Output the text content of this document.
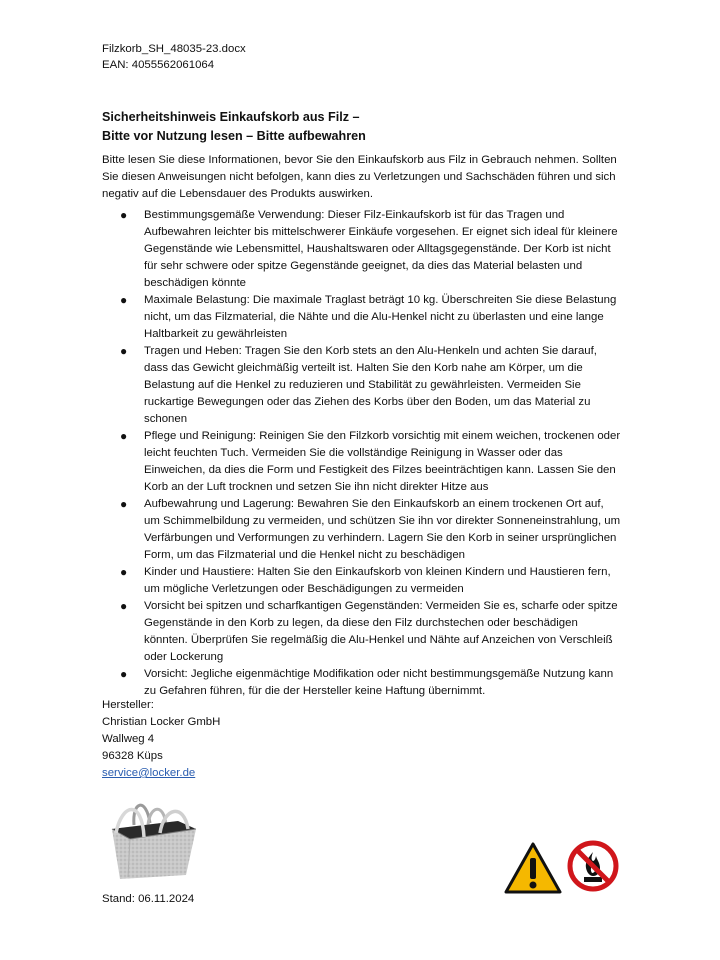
Filzkorb_SH_48035-23.docx
EAN: 4055562061064
Sicherheitshinweis Einkaufskorb aus Filz –
Bitte vor Nutzung lesen – Bitte aufbewahren
Bitte lesen Sie diese Informationen, bevor Sie den Einkaufskorb aus Filz in Gebrauch nehmen. Sollten Sie diesen Anweisungen nicht befolgen, kann dies zu Verletzungen und Sachschäden führen und sich negativ auf die Lebensdauer des Produkts auswirken.
● Bestimmungsgemäße Verwendung: Dieser Filz-Einkaufskorb ist für das Tragen und Aufbewahren leichter bis mittelschwerer Einkäufe vorgesehen. Er eignet sich ideal für kleinere Gegenstände wie Lebensmittel, Haushaltswaren oder Alltagsgegenstände. Der Korb ist nicht für sehr schwere oder spitze Gegenstände geeignet, da dies das Material belasten und beschädigen könnte
● Maximale Belastung: Die maximale Traglast beträgt 10 kg. Überschreiten Sie diese Belastung nicht, um das Filzmaterial, die Nähte und die Alu-Henkel nicht zu überlasten und eine lange Haltbarkeit zu gewährleisten
● Tragen und Heben: Tragen Sie den Korb stets an den Alu-Henkeln und achten Sie darauf, dass das Gewicht gleichmäßig verteilt ist. Halten Sie den Korb nahe am Körper, um die Belastung auf die Henkel zu reduzieren und Stabilität zu gewährleisten. Vermeiden Sie ruckartige Bewegungen oder das Ziehen des Korbs über den Boden, um das Material zu schonen
● Pflege und Reinigung: Reinigen Sie den Filzkorb vorsichtig mit einem weichen, trockenen oder leicht feuchten Tuch. Vermeiden Sie die vollständige Reinigung in Wasser oder das Einweichen, da dies die Form und Festigkeit des Filzes beeinträchtigen kann. Lassen Sie den Korb an der Luft trocknen und setzen Sie ihn nicht direkter Hitze aus
● Aufbewahrung und Lagerung: Bewahren Sie den Einkaufskorb an einem trockenen Ort auf, um Schimmelbildung zu vermeiden, und schützen Sie ihn vor direkter Sonneneinstrahlung, um Verfärbungen und Verformungen zu verhindern. Lagern Sie den Korb in seiner ursprünglichen Form, um das Filzmaterial und die Henkel nicht zu beschädigen
● Kinder und Haustiere: Halten Sie den Einkaufskorb von kleinen Kindern und Haustieren fern, um mögliche Verletzungen oder Beschädigungen zu vermeiden
● Vorsicht bei spitzen und scharfkantigen Gegenständen: Vermeiden Sie es, scharfe oder spitze Gegenstände in den Korb zu legen, da diese den Filz durchstechen oder beschädigen könnten. Überprüfen Sie regelmäßig die Alu-Henkel und Nähte auf Anzeichen von Verschleiß oder Lockerung
● Vorsicht: Jegliche eigenmächtige Modifikation oder nicht bestimmungsgemäße Nutzung kann zu Gefahren führen, für die der Hersteller keine Haftung übernimmt.
Hersteller:
Christian Locker GmbH
Wallweg 4
96328 Küps
service@locker.de
Stand: 06.11.2024
